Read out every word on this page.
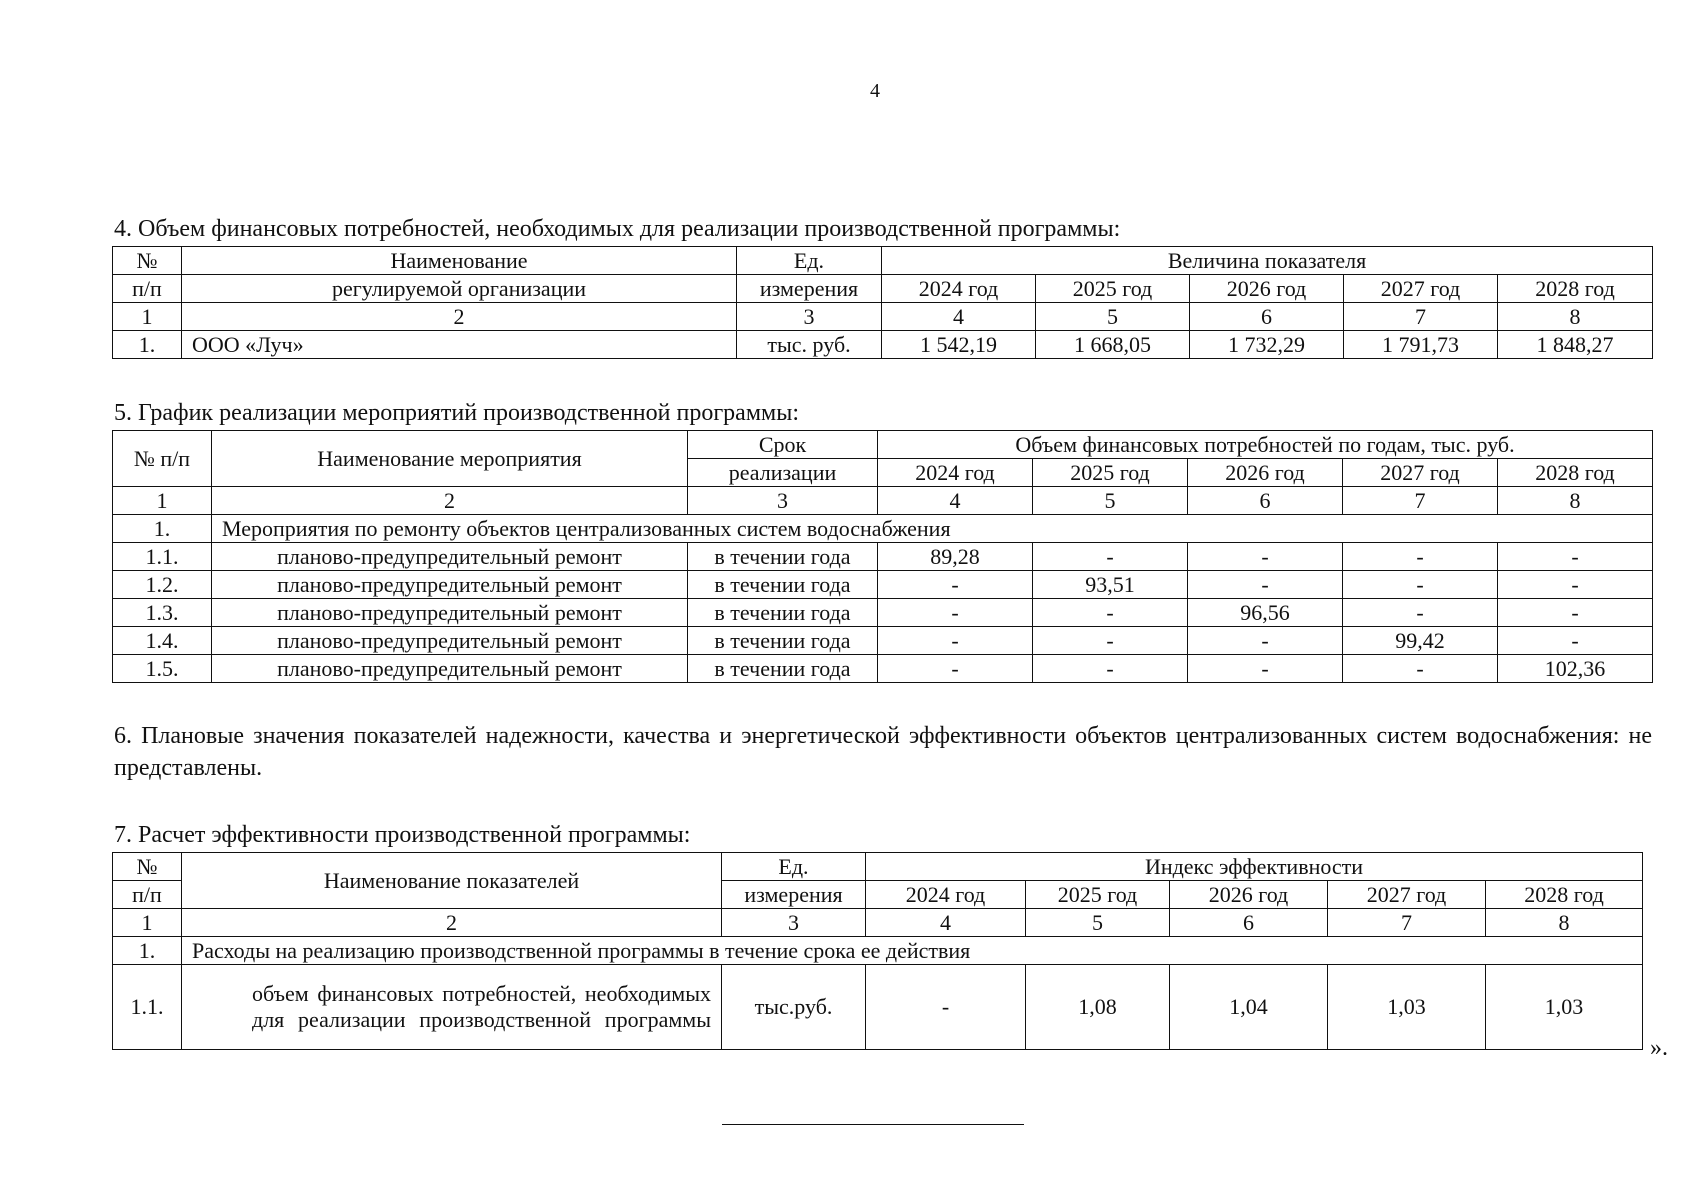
4
4. Объем финансовых потребностей, необходимых для реализации производственной программы:
№	Наименование	Ед.	Величина показателя				
п/п	регулируемой организации	измерения	2024 год	2025 год	2026 год	2027 год	2028 год
1	2	3	4	5	6	7	8
1.	ООО «Луч»	тыс. руб.	1 542,19	1 668,05	1 732,29	1 791,73	1 848,27
5. График реализации мероприятий производственной программы:
№ п/п	Наименование мероприятия	Срок	Объем финансовых потребностей по годам, тыс. руб.				
		реализации	2024 год	2025 год	2026 год	2027 год	2028 год
1	2	3	4	5	6	7	8
1.	Мероприятия по ремонту объектов централизованных систем водоснабжения						
1.1.	планово-предупредительный ремонт	в течении года	89,28	-	-	-	-
1.2.	планово-предупредительный ремонт	в течении года	-	93,51	-	-	-
1.3.	планово-предупредительный ремонт	в течении года	-	-	96,56	-	-
1.4.	планово-предупредительный ремонт	в течении года	-	-	-	99,42	-
1.5.	планово-предупредительный ремонт	в течении года	-	-	-	-	102,36
6. Плановые значения показателей надежности, качества и энергетической эффективности объектов централизованных систем водоснабжения: не представлены.
7. Расчет эффективности производственной программы:
№	Наименование показателей	Ед.	Индекс эффективности				
п/п		измерения	2024 год	2025 год	2026 год	2027 год	2028 год
1	2	3	4	5	6	7	8
1.	Расходы на реализацию производственной программы в течение срока ее действия						
1.1.	объем финансовых потребностей, необходимых для реализации производственной программы	тыс.руб.	-	1,08	1,04	1,03	1,03
».
